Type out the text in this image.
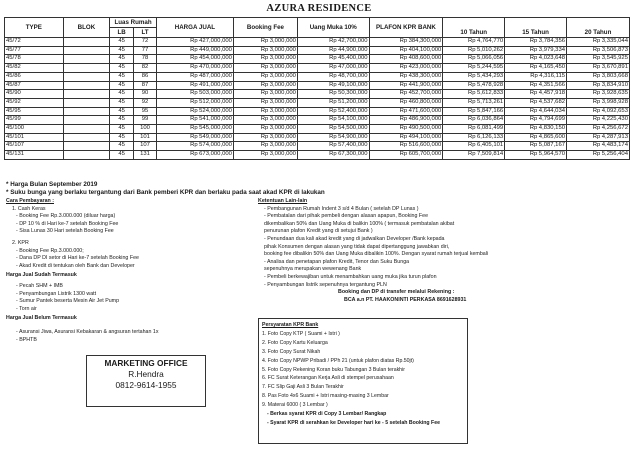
AZURA RESIDENCE
TYPE	BLOK	Luas Rumah		HARGA JUAL	Booking Fee	Uang Muka 10%	PLAFON KPR BANK	10 Tahun	15 Tahun	20 Tahun
		LB	LT							
45/72		45	72	Rp 427,000,000	Rp 3,000,000	Rp 42,700,000	Rp 384,300,000	Rp 4,764,770	Rp 3,784,356	Rp 3,335,044

45/77		45	77	Rp 449,000,000	Rp 3,000,000	Rp 44,900,000	Rp 404,100,000	Rp 5,010,262	Rp 3,979,334	Rp 3,506,873

45/78		45	78	Rp 454,000,000	Rp 3,000,000	Rp 45,400,000	Rp 408,600,000	Rp 5,066,056	Rp 4,023,648	Rp 3,545,925

45/82		45	82	Rp 470,000,000	Rp 3,000,000	Rp 47,000,000	Rp 423,000,000	Rp 5,244,595	Rp 4,165,450	Rp 3,670,891

45/86		45	86	Rp 487,000,000	Rp 3,000,000	Rp 48,700,000	Rp 438,300,000	Rp 5,434,293	Rp 4,316,115	Rp 3,803,668

45/87		45	87	Rp 491,000,000	Rp 3,000,000	Rp 49,100,000	Rp 441,900,000	Rp 5,478,928	Rp 4,351,566	Rp 3,834,910

45/90		45	90	Rp 503,000,000	Rp 3,000,000	Rp 50,300,000	Rp 452,700,000	Rp 5,612,833	Rp 4,457,918	Rp 3,928,635

45/92		45	92	Rp 512,000,000	Rp 3,000,000	Rp 51,200,000	Rp 460,800,000	Rp 5,713,261	Rp 4,537,682	Rp 3,998,928

45/95		45	95	Rp 524,000,000	Rp 3,000,000	Rp 52,400,000	Rp 471,600,000	Rp 5,847,166	Rp 4,644,034	Rp 4,092,653

45/99		45	99	Rp 541,000,000	Rp 3,000,000	Rp 54,100,000	Rp 486,900,000	Rp 6,036,864	Rp 4,794,699	Rp 4,225,430

45/100		45	100	Rp 545,000,000	Rp 3,000,000	Rp 54,500,000	Rp 490,500,000	Rp 6,081,499	Rp 4,830,150	Rp 4,256,672

45/101		45	101	Rp 549,000,000	Rp 3,000,000	Rp 54,900,000	Rp 494,100,000	Rp 6,126,133	Rp 4,865,600	Rp 4,287,913

45/107		45	107	Rp 574,000,000	Rp 3,000,000	Rp 57,400,000	Rp 516,600,000	Rp 6,405,101	Rp 5,087,167	Rp 4,483,174

45/131		45	131	Rp 673,000,000	Rp 3,000,000	Rp 67,300,000	Rp 605,700,000	Rp 7,509,814	Rp 5,964,570	Rp 5,256,404
* Harga Bulan September 2019
* Suku bunga yang berlaku tergantung dari Bank pemberi KPR dan berlaku pada saat akad KPR di lakukan
Cara Pembayaran :
1. Cash Keras
- Booking Fee Rp.3.000.000 (diluar harga)
- DP 10 % di Hari ke-7 setelah Booking Fee
- Sisa Lunas 30 Hari setelah Booking Fee
2. KPR
- Booking Fee Rp.3.000.000;
- Dana DP DI setor di Hari ke-7 setelah Booking Fee
- Akad Kredit di tentukan oleh Bank dan Developer
Harga Jual Sudah Termasuk
- Pecah SHM + IMB
- Penyambungan Listrik 1300 watt
- Sumur Pantek beserta Mesin Air Jet Pump
- Torn air
Harga Jual Belum Termasuk
- Asuransi Jiwa, Asuransi Kebakaran & angsuran tertahan 1x
- BPHTB
MARKETING OFFICE
R.Hendra
0812-9614-1955
Ketentuan Lain-lain
- Pembangunan Rumah Indent 3 s/d 4 Bulan ( setelah DP Lunas )
- Pembatalan dari pihak pembeli dengan alasan apapun, Booking Fee
dikembalikan 50% dan Uang Muka di balikin 100% ( termasuk pembatalan akibat
penurunan plafon Kredit yang di setujui Bank )
- Penundaan dua kali akad kredit yang di jadwalkan Developer /Bank kepada
pihak Konsumen dengan alasan yang tidak dapat dipertanggung jawabkan diri,
booking fee dibalikin 50% dan Uang Muka dibalikin 100%. Dengan syarat rumah terjual kembali
- Analisa dan penetapan plafon Kredit, Tenor dan Suku Bunga
sepenuhnya merupakan wewenang Bank
- Pembeli berkewajiban untuk menambahkan uang muka jika turun plafon
- Penyambungan listrik sepenuhnya tergantung PLN
Booking dan DP di transfer melalui Rekening :
BCA a.n PT. HAAKONINTI PERKASA 8691628931
Persyaratan KPR Bank
1. Foto Copy KTP ( Suami + Istri )
2. Foto Copy Kartu Keluarga
3. Foto Copy Surat Nikah
4. Foto Copy NPWP Pribadi / PPh 21 (untuk plafon diatas Rp.50jt)
5. Foto Copy Rekening Koran buku Tabungan 3 Bulan terakhir
6. FC Surat Keterangan Kerja Asli di stempel perusahaan
7. FC Slip Gaji Asli 3 Bulan Terakhir
8. Pas Foto 4x6 Suami + Istri masing-masing 3 Lembar
9. Materai 6000 ( 3 Lembar )
- Berkas syarat KPR di Copy 3 Lembar/ Rangkap
- Syarat KPR di serahkan ke Developer hari ke - 5 setelah Booking Fee
